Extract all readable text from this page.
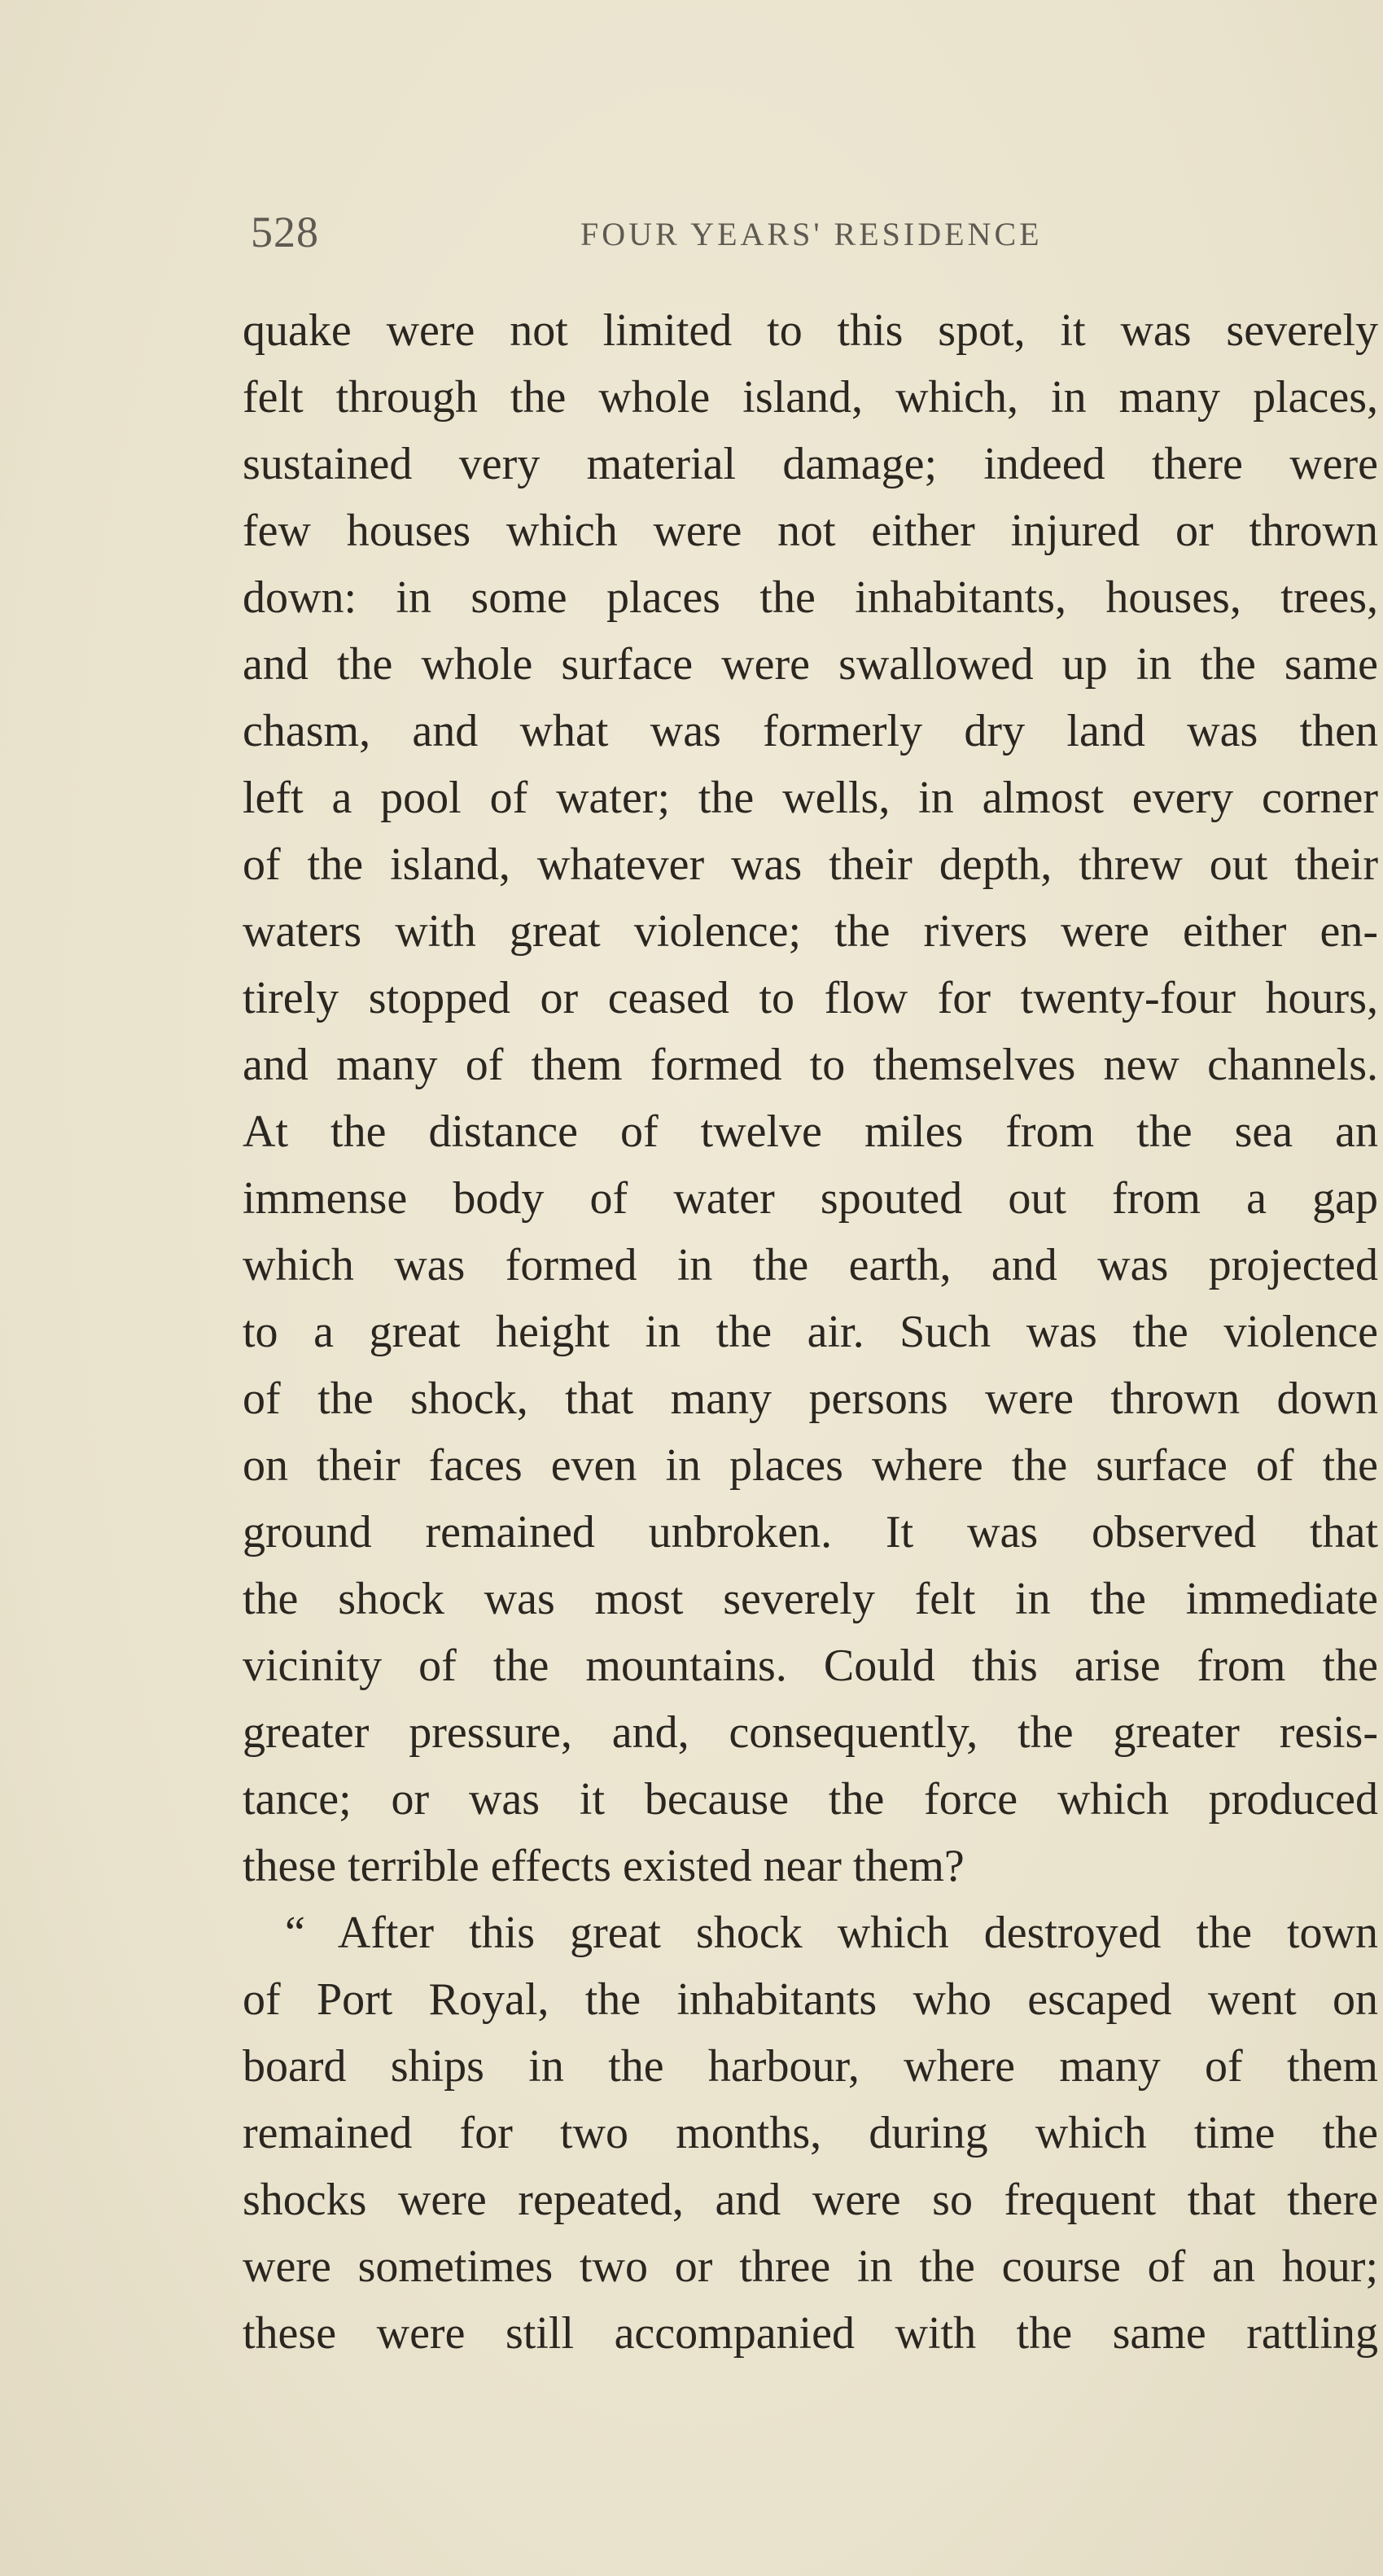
528	FOUR YEARS' RESIDENCE
quake were not limited to this spot, it was severely
felt through the whole island, which, in many places,
sustained very material damage; indeed there were
few houses which were not either injured or thrown
down: in some places the inhabitants, houses, trees,
and the whole surface were swallowed up in the same
chasm, and what was formerly dry land was then
left a pool of water; the wells, in almost every corner
of the island, whatever was their depth, threw out their
waters with great violence; the rivers were either en-
tirely stopped or ceased to flow for twenty-four hours,
and many of them formed to themselves new channels.
At the distance of twelve miles from the sea an
immense body of water spouted out from a gap
which was formed in the earth, and was projected
to a great height in the air. Such was the violence
of the shock, that many persons were thrown down
on their faces even in places where the surface of the
ground remained unbroken. It was observed that
the shock was most severely felt in the immediate
vicinity of the mountains. Could this arise from the
greater pressure, and, consequently, the greater resis-
tance; or was it because the force which produced
these terrible effects existed near them?
“ After this great shock which destroyed the town
of Port Royal, the inhabitants who escaped went on
board ships in the harbour, where many of them
remained for two months, during which time the
shocks were repeated, and were so frequent that there
were sometimes two or three in the course of an hour;
these were still accompanied with the same rattling
